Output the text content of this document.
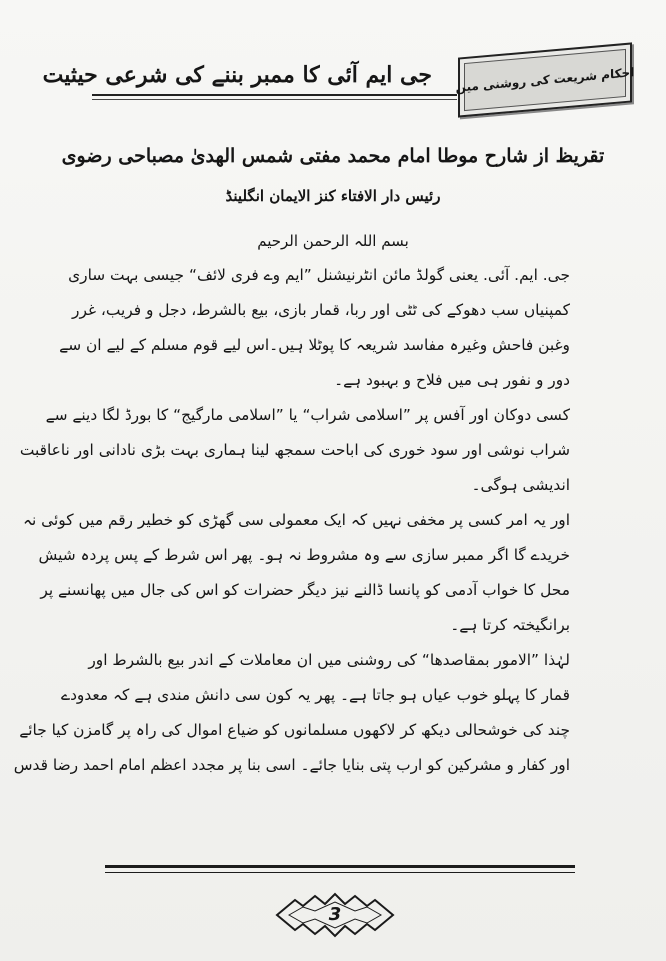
جی ایم آئی کا ممبر بننے کی شرعی حیثیت احکام شریعت کی روشنی میں
تقریظ از شارح موطا امام محمد مفتی شمس الھدیٰ مصباحی رضوی
رئیس دار الافتاء کنز الایمان انگلینڈ
بسم اللہ الرحمن الرحیم
جی. ایم. آئی. یعنی گولڈ مائن انٹرنیشنل ”ایم وے فری لائف“ جیسی بہت ساری
کمپنیاں سب دھوکے کی ٹٹی اور ربا، قمار بازی، بیع بالشرط، دجل و فریب، غرر
وغبن فاحش وغیرہ مفاسد شریعہ کا پوٹلا ہیں۔اس لیے قوم مسلم کے لیے ان سے
دور و نفور ہی میں فلاح و بہبود ہے۔
کسی دوکان اور آفس پر ”اسلامی شراب“ یا ”اسلامی مارگیج“ کا بورڈ لگا دینے سے
شراب نوشی اور سود خوری کی اباحت سمجھ لینا ہماری بہت بڑی نادانی اور ناعاقبت
اندیشی ہوگی۔
اور یہ امر کسی پر مخفی نہیں کہ ایک معمولی سی گھڑی کو خطیر رقم میں کوئی نہ
خریدے گا اگر ممبر سازی سے وہ مشروط نہ ہو۔ پھر اس شرط کے پس پردہ شیش
محل کا خواب آدمی کو پانسا ڈالنے نیز دیگر حضرات کو اس کی جال میں پھانسنے پر
برانگیختہ کرتا ہے۔
لہٰذا ”الامور بمقاصدھا“ کی روشنی میں ان معاملات کے اندر بیع بالشرط اور
قمار کا پہلو خوب عیاں ہو جاتا ہے۔ پھر یہ کون سی دانش مندی ہے کہ معدودے
چند کی خوشحالی دیکھ کر لاکھوں مسلمانوں کو ضیاع اموال کی راہ پر گامزن کیا جائے
اور کفار و مشرکین کو ارب پتی بنایا جائے۔ اسی بنا پر مجدد اعظم امام احمد رضا قدس
3
